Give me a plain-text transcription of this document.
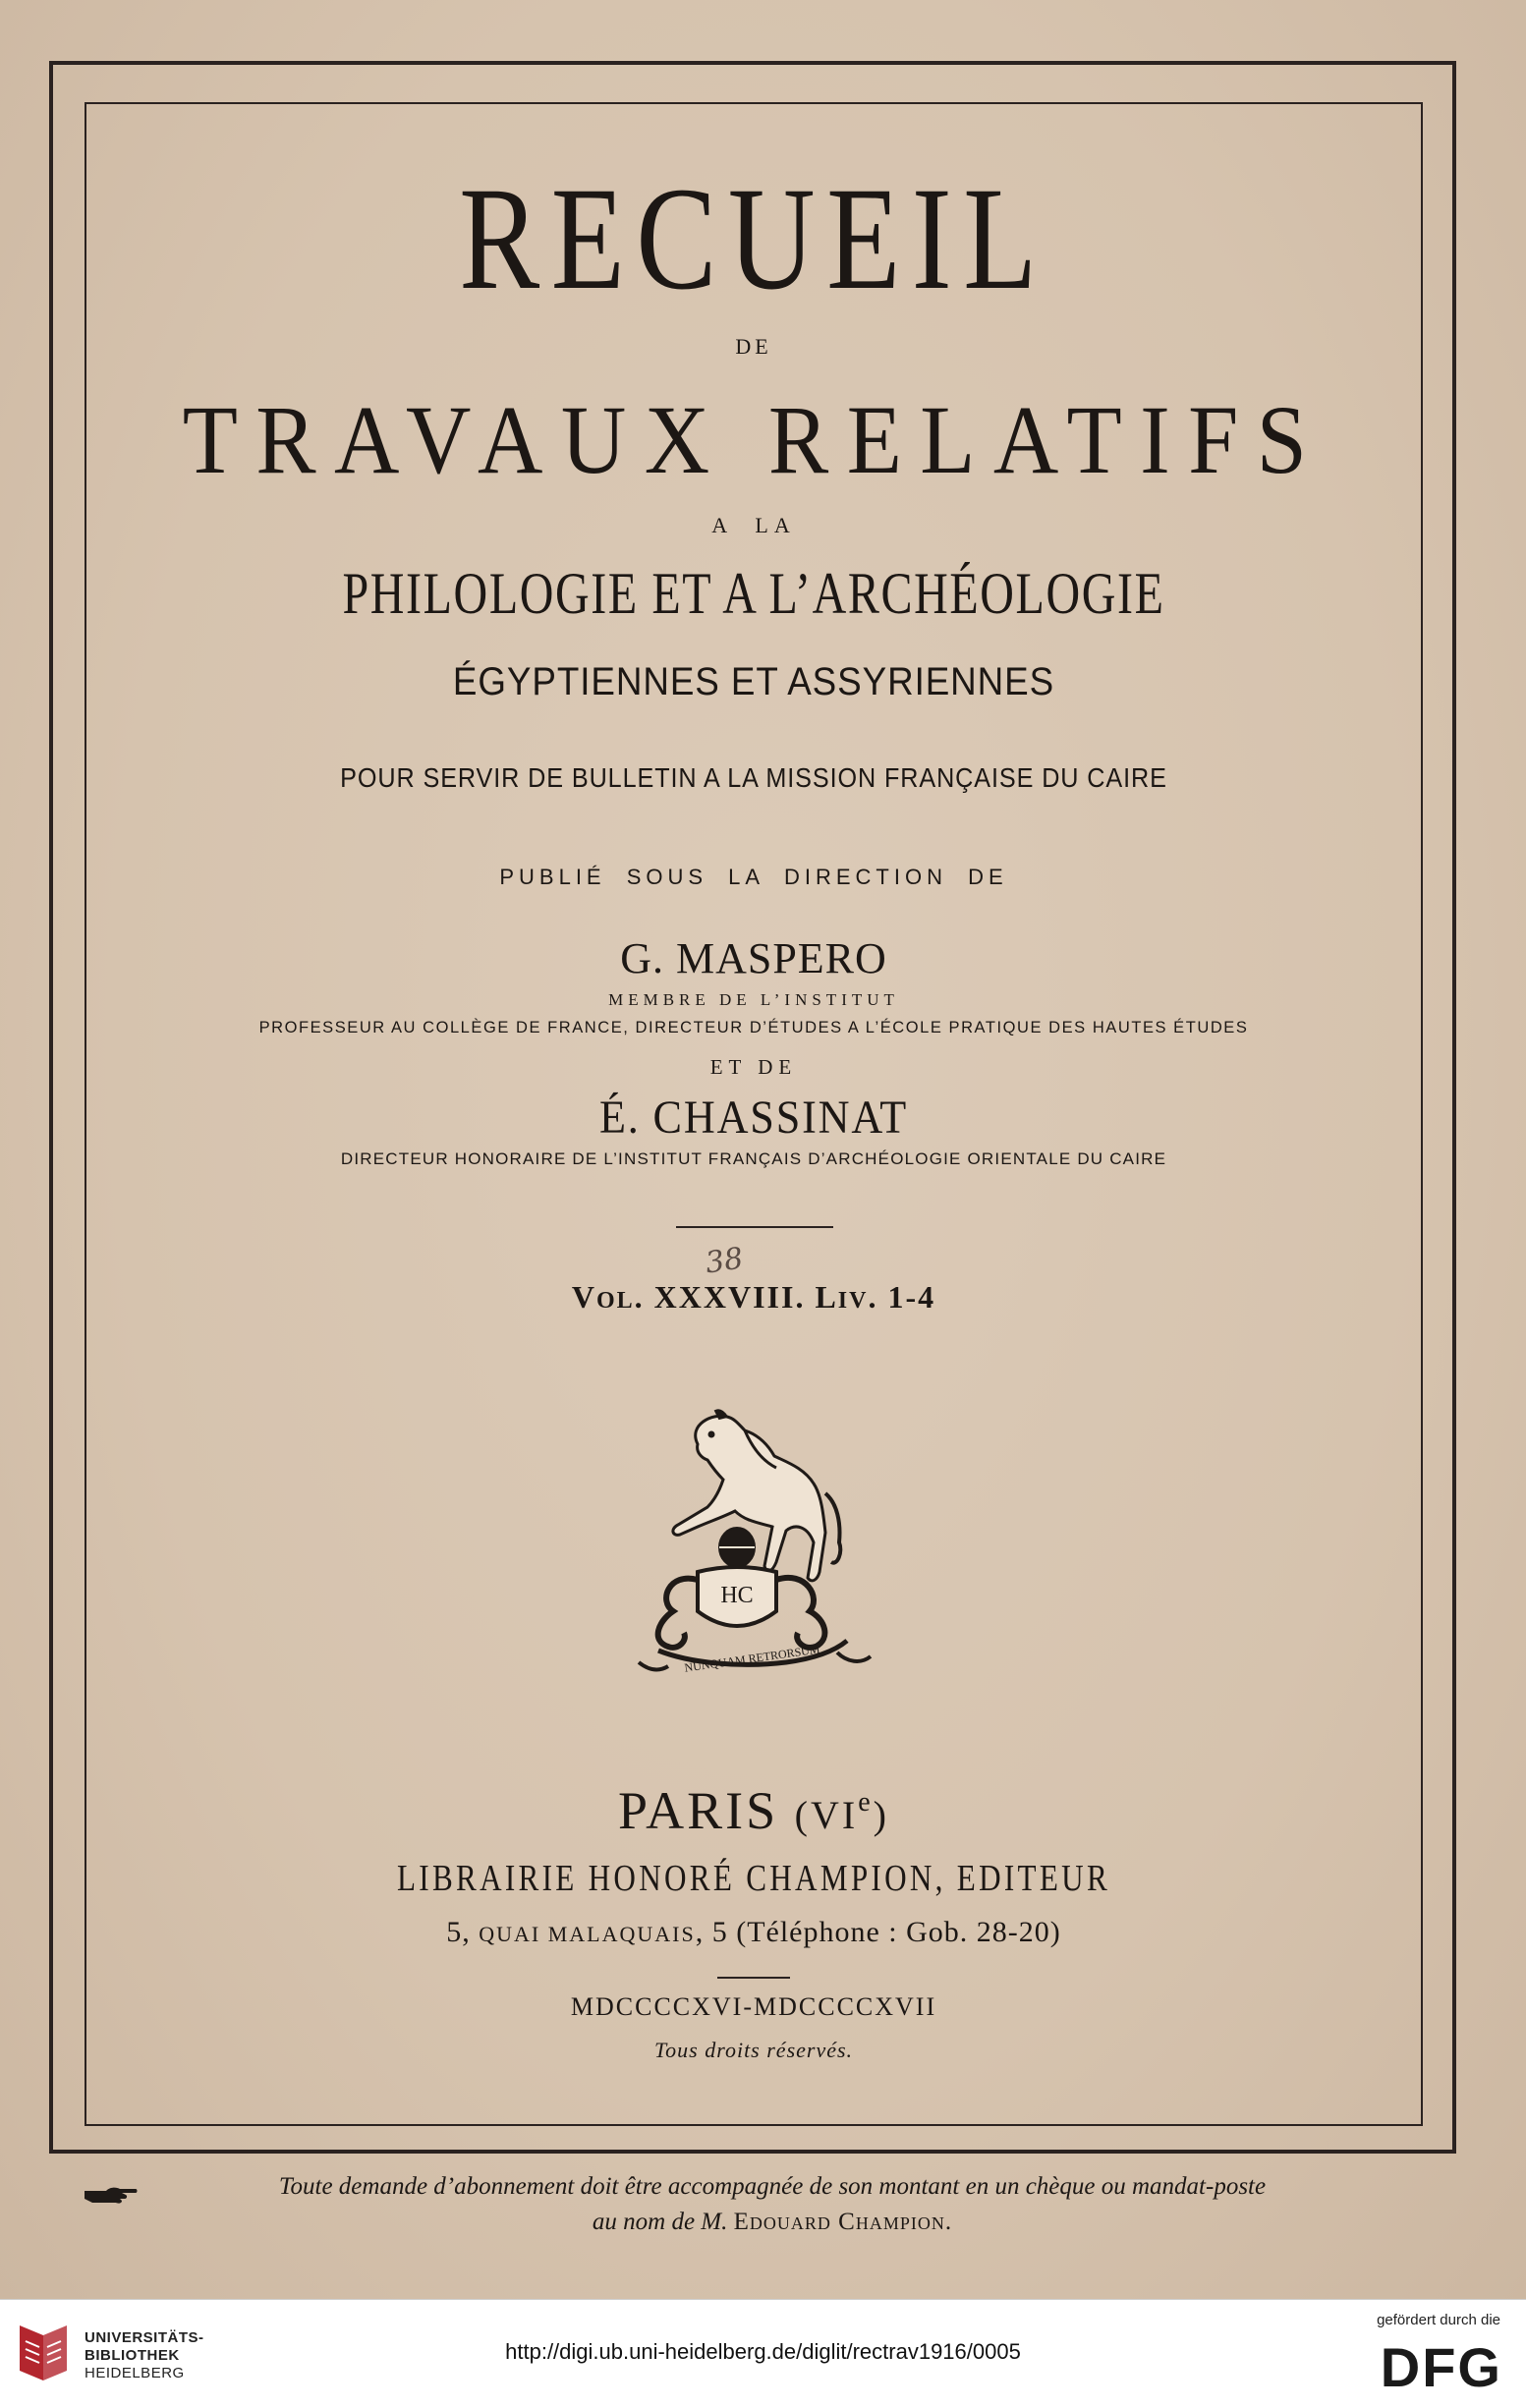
RECUEIL
DE
TRAVAUX RELATIFS
A LA
PHILOLOGIE ET A L’ARCHÉOLOGIE
ÉGYPTIENNES ET ASSYRIENNES
POUR SERVIR DE BULLETIN A LA MISSION FRANÇAISE DU CAIRE
PUBLIÉ SOUS LA DIRECTION DE
G. MASPERO
MEMBRE DE L’INSTITUT
PROFESSEUR AU COLLÈGE DE FRANCE, DIRECTEUR D’ÉTUDES A L’ÉCOLE PRATIQUE DES HAUTES ÉTUDES
ET DE
É. CHASSINAT
DIRECTEUR HONORAIRE DE L’INSTITUT FRANÇAIS D’ARCHÉOLOGIE ORIENTALE DU CAIRE
38
VOL. XXXVIII. LIV. 1-4
HC
NUNQUAM RETRORSUM
PARIS (VIe)
LIBRAIRIE HONORÉ CHAMPION, EDITEUR
5, QUAI MALAQUAIS, 5 (Téléphone : Gob. 28-20)
MDCCCCXVI-MDCCCCXVII
Tous droits réservés.
Toute demande d’abonnement doit être accompagnée de son montant en un chèque ou mandat-poste
au nom de M. Edouard Champion.
UNIVERSITÄTS-
BIBLIOTHEK
HEIDELBERG
http://digi.ub.uni-heidelberg.de/diglit/rectrav1916/0005
gefördert durch die
DFG
